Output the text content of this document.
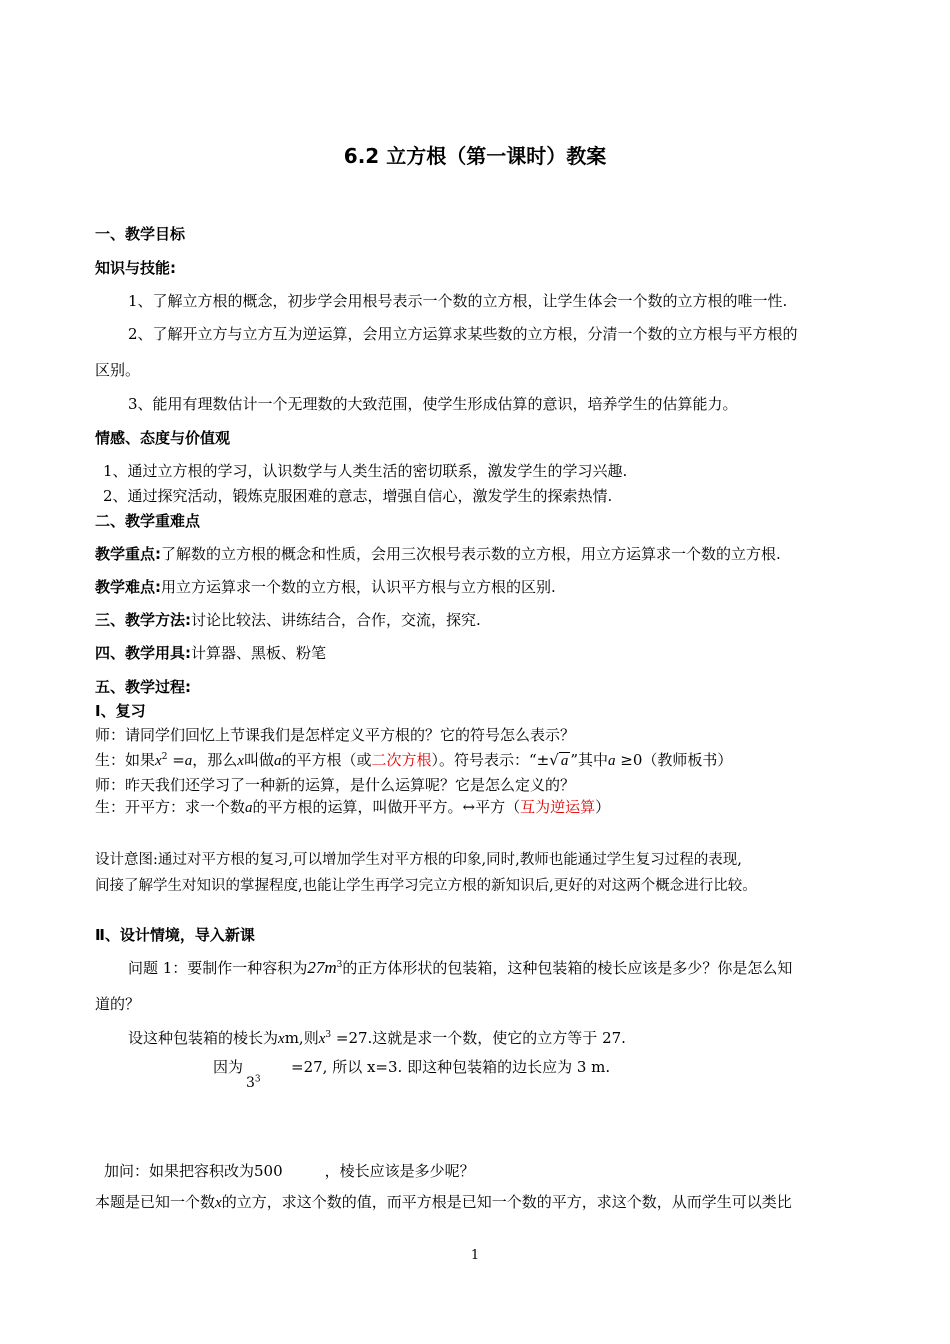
6.2 立方根（第一课时）教案
一、教学目标
知识与技能:
1、了解立方根的概念，初步学会用根号表示一个数的立方根，让学生体会一个数的立方根的唯一性.
2、了解开立方与立方互为逆运算，会用立方运算求某些数的立方根，分清一个数的立方根与平方根的
区别。
3、能用有理数估计一个无理数的大致范围，使学生形成估算的意识，培养学生的估算能力。
情感、态度与价值观
1、通过立方根的学习，认识数学与人类生活的密切联系，激发学生的学习兴趣.
2、通过探究活动，锻炼克服困难的意志，增强自信心，激发学生的探索热情.
二、教学重难点
教学重点:了解数的立方根的概念和性质，会用三次根号表示数的立方根，用立方运算求一个数的立方根.
教学难点:用立方运算求一个数的立方根，认识平方根与立方根的区别.
三、教学方法:讨论比较法、讲练结合，合作，交流，探究.
四、教学用具:计算器、黑板、粉笔
五、教学过程:
Ⅰ、复习
师：请同学们回忆上节课我们是怎样定义平方根的？它的符号怎么表示？
生：如果$x^2 =a$，那么x叫做a的平方根（或二次方根）。符号表示：“±√ a ”其中a ≥0（教师板书）
师：昨天我们还学习了一种新的运算，是什么运算呢？它是怎么定义的？
生：开平方：求一个数a的平方根的运算，叫做开平方。↔平方（互为逆运算）
设计意图:通过对平方根的复习,可以增加学生对平方根的印象,同时,教师也能通过学生复习过程的表现,
间接了解学生对知识的掌握程度,也能让学生再学习完立方根的新知识后,更好的对这两个概念进行比较。
Ⅱ、设计情境，导入新课
问题 1：要制作一种容积为$27m^3$的正方体形状的包装箱，这种包装箱的棱长应该是多少？你是怎么知
道的？
设这种包装箱的棱长为xm,则$x^3 =27$.这就是求一个数，使它的立方等于 27.
因为	=27, 所以 x=3. 即这种包装箱的边长应为 3 m.
$3^3$
加问：如果把容积改为500	，棱长应该是多少呢？
本题是已知一个数x的立方，求这个数的值，而平方根是已知一个数的平方，求这个数，从而学生可以类比
1
